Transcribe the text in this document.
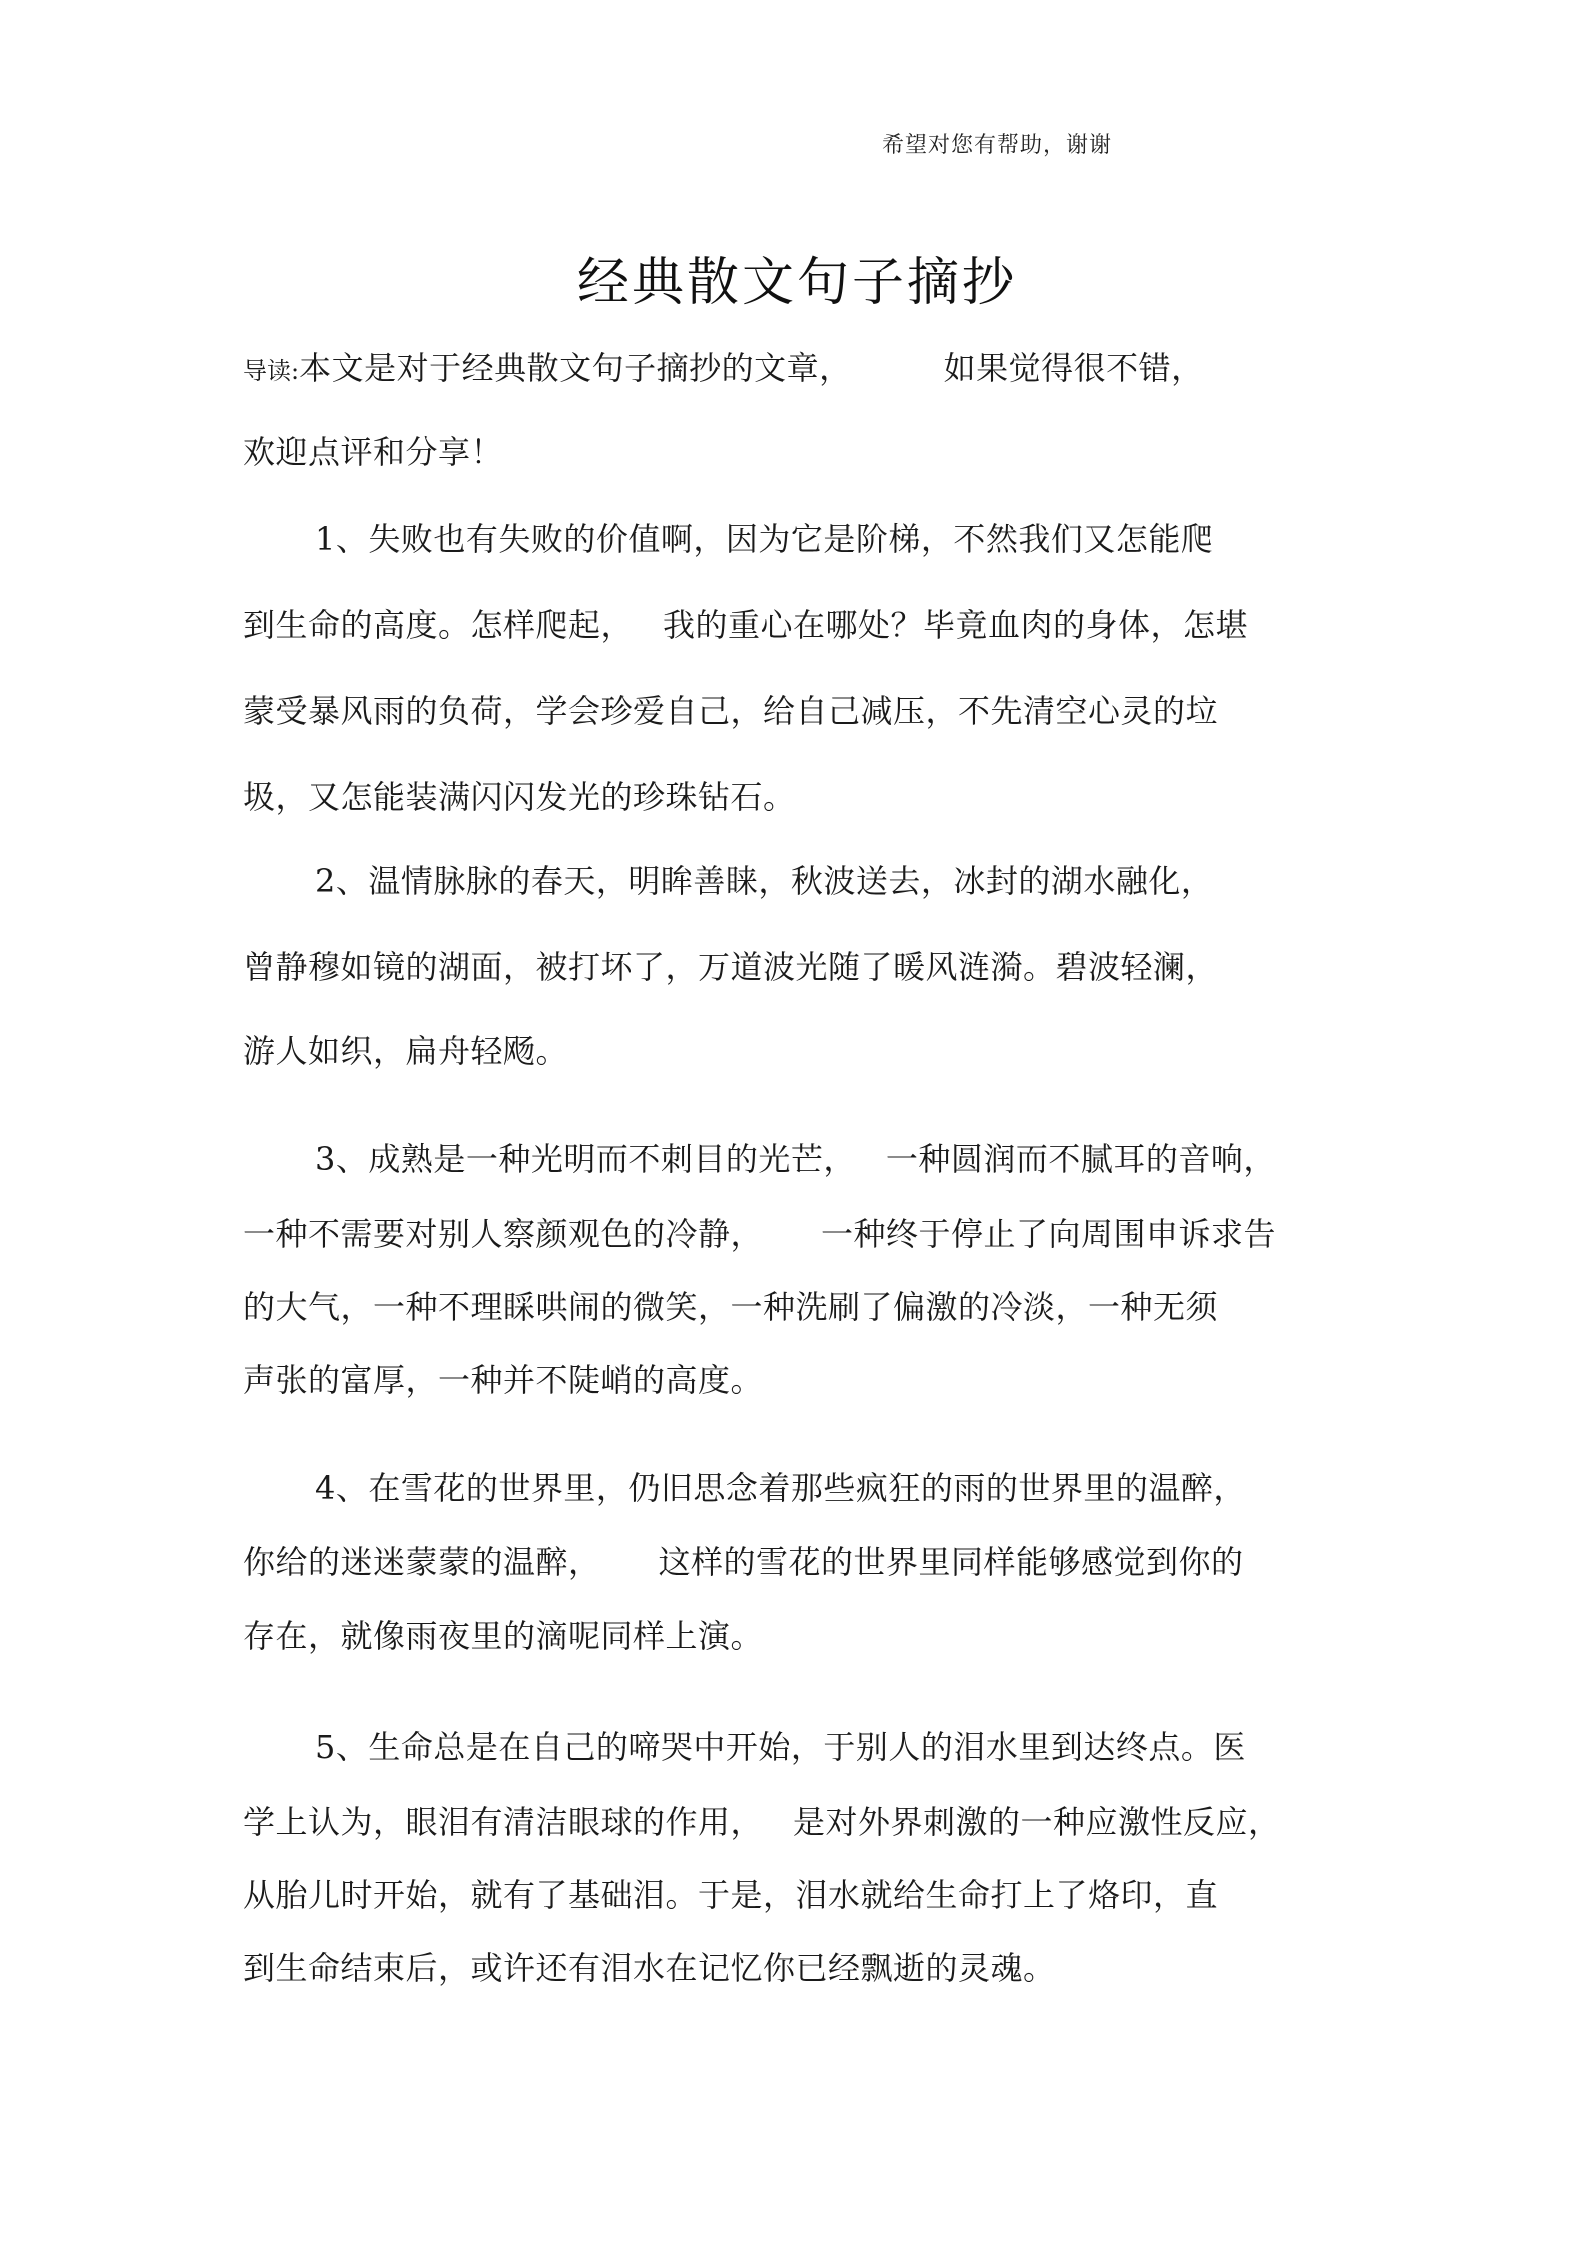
希望对您有帮助，谢谢
经典散文句子摘抄
导读:本文是对于经典散文句子摘抄的文章，	如果觉得很不错，
欢迎点评和分享！
1、失败也有失败的价值啊，因为它是阶梯，不然我们又怎能爬
到生命的高度。怎样爬起， 我的重心在哪处？毕竟血肉的身体，怎堪
蒙受暴风雨的负荷，学会珍爱自己，给自己减压，不先清空心灵的垃
圾，又怎能装满闪闪发光的珍珠钻石。
2、温情脉脉的春天，明眸善睐，秋波送去，冰封的湖水融化，
曾静穆如镜的湖面，被打坏了，万道波光随了暖风涟漪。碧波轻澜，
游人如织，扁舟轻飏。
3、成熟是一种光明而不刺目的光芒， 一种圆润而不腻耳的音响，
一种不需要对别人察颜观色的冷静， 一种终于停止了向周围申诉求告
的大气，一种不理睬哄闹的微笑，一种洗刷了偏激的冷淡，一种无须
声张的富厚，一种并不陡峭的高度。
4、在雪花的世界里，仍旧思念着那些疯狂的雨的世界里的温醉，
你给的迷迷蒙蒙的温醉， 这样的雪花的世界里同样能够感觉到你的
存在，就像雨夜里的滴呢同样上演。
5、生命总是在自己的啼哭中开始，于别人的泪水里到达终点。医
学上认为，眼泪有清洁眼球的作用， 是对外界刺激的一种应激性反应，
从胎儿时开始，就有了基础泪。于是，泪水就给生命打上了烙印，直
到生命结束后，或许还有泪水在记忆你已经飘逝的灵魂。
